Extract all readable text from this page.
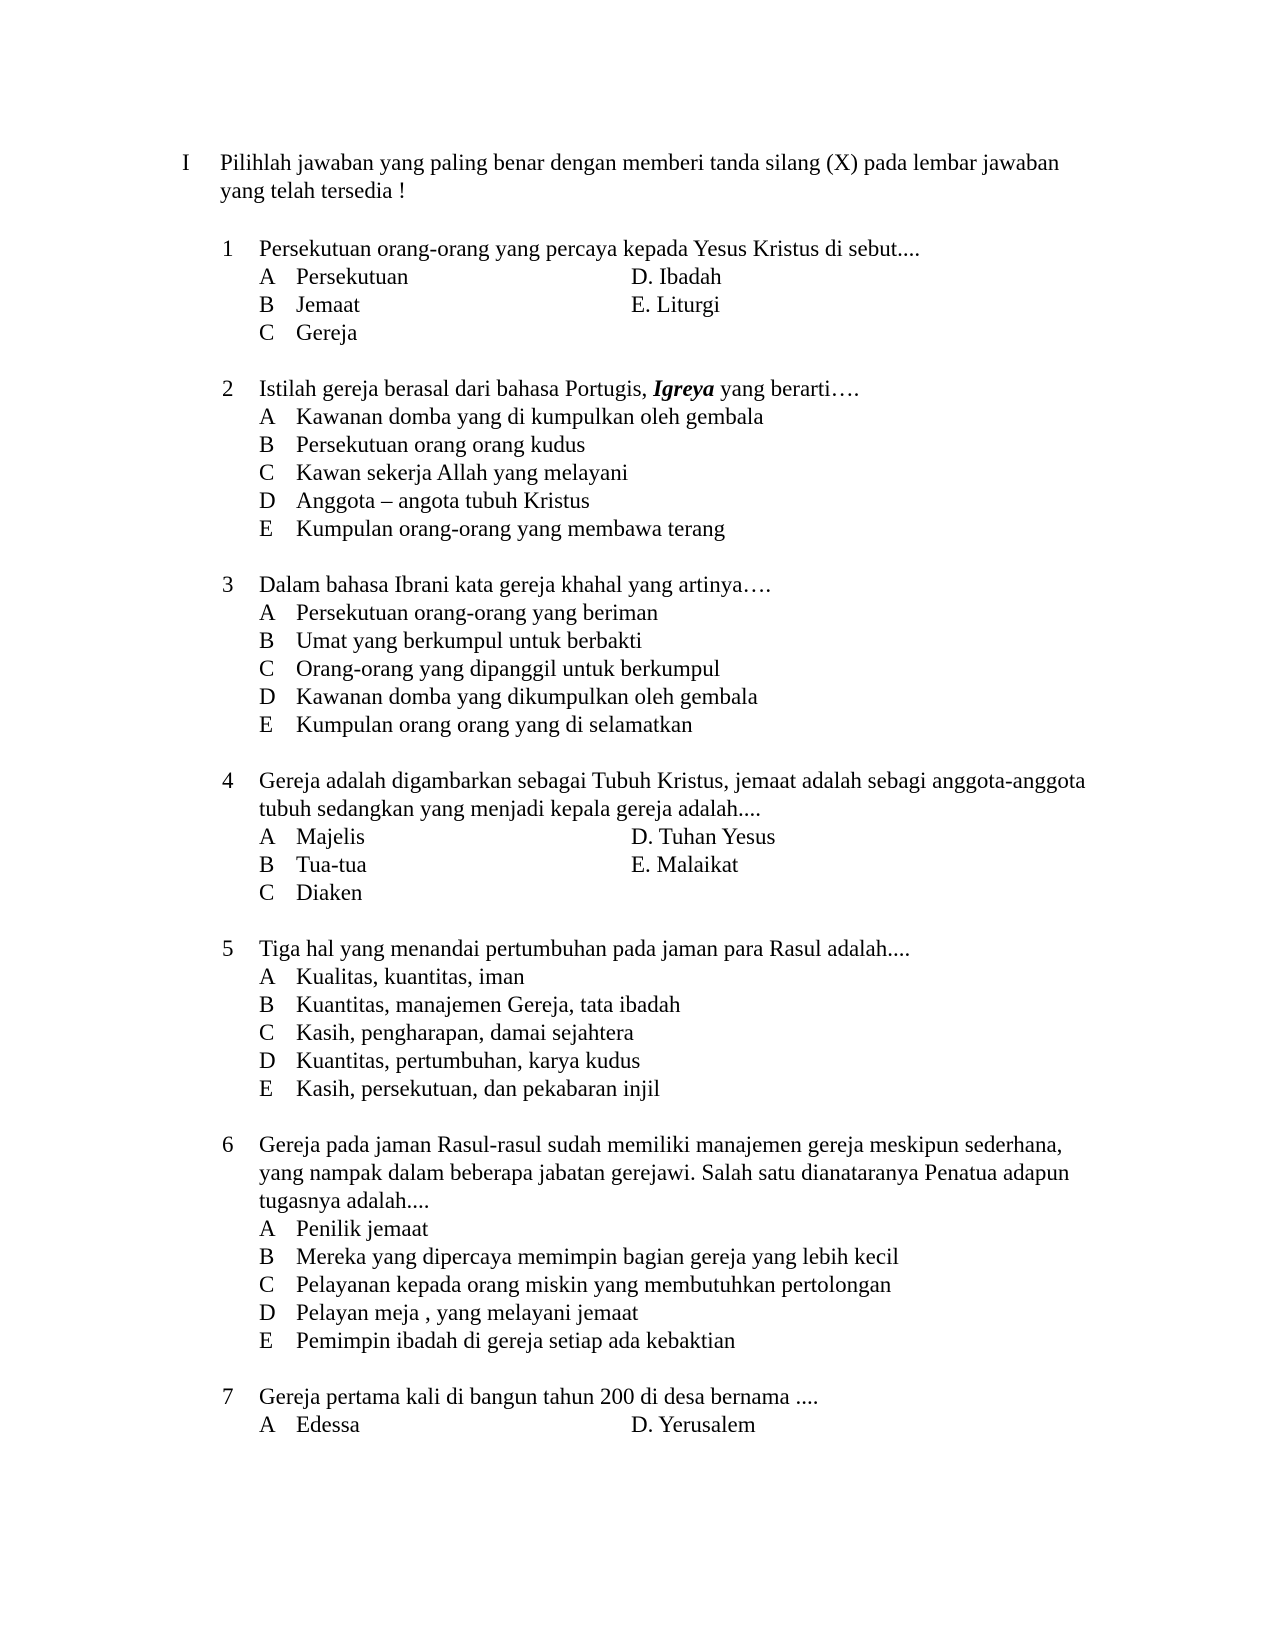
I	Pilihlah jawaban yang paling benar dengan memberi tanda silang (X) pada lembar jawaban yang telah tersedia !
1	Persekutuan orang-orang yang percaya kepada Yesus Kristus di sebut....
A Persekutuan	D. Ibadah
B Jemaat	E. Liturgi
C Gereja
2	Istilah gereja berasal dari bahasa Portugis, Igreya yang berarti….
A Kawanan domba yang di kumpulkan oleh gembala
B Persekutuan orang orang kudus
C Kawan sekerja Allah yang melayani
D Anggota – angota tubuh Kristus
E Kumpulan orang-orang yang membawa terang
3	Dalam bahasa Ibrani kata gereja khahal yang artinya….
A Persekutuan orang-orang yang beriman
B Umat yang berkumpul untuk berbakti
C Orang-orang yang dipanggil untuk berkumpul
D Kawanan domba yang dikumpulkan oleh gembala
E Kumpulan orang orang yang di selamatkan
4	Gereja adalah digambarkan sebagai Tubuh Kristus, jemaat adalah sebagi anggota-anggota tubuh sedangkan yang menjadi kepala gereja adalah....
A Majelis	D. Tuhan Yesus
B Tua-tua	E. Malaikat
C Diaken
5	Tiga hal yang menandai pertumbuhan pada jaman para Rasul adalah....
A Kualitas, kuantitas, iman
B Kuantitas, manajemen Gereja, tata ibadah
C Kasih, pengharapan, damai sejahtera
D Kuantitas, pertumbuhan, karya kudus
E Kasih, persekutuan, dan pekabaran injil
6	Gereja pada jaman Rasul-rasul sudah memiliki manajemen gereja meskipun sederhana, yang nampak dalam beberapa jabatan gerejawi. Salah satu dianataranya Penatua adapun tugasnya adalah....
A Penilik jemaat
B Mereka yang dipercaya memimpin bagian gereja yang lebih kecil
C Pelayanan kepada orang miskin yang membutuhkan pertolongan
D Pelayan meja , yang melayani jemaat
E Pemimpin ibadah di gereja setiap ada kebaktian
7	Gereja pertama kali di bangun tahun 200 di desa bernama ....
A Edessa	D. Yerusalem
